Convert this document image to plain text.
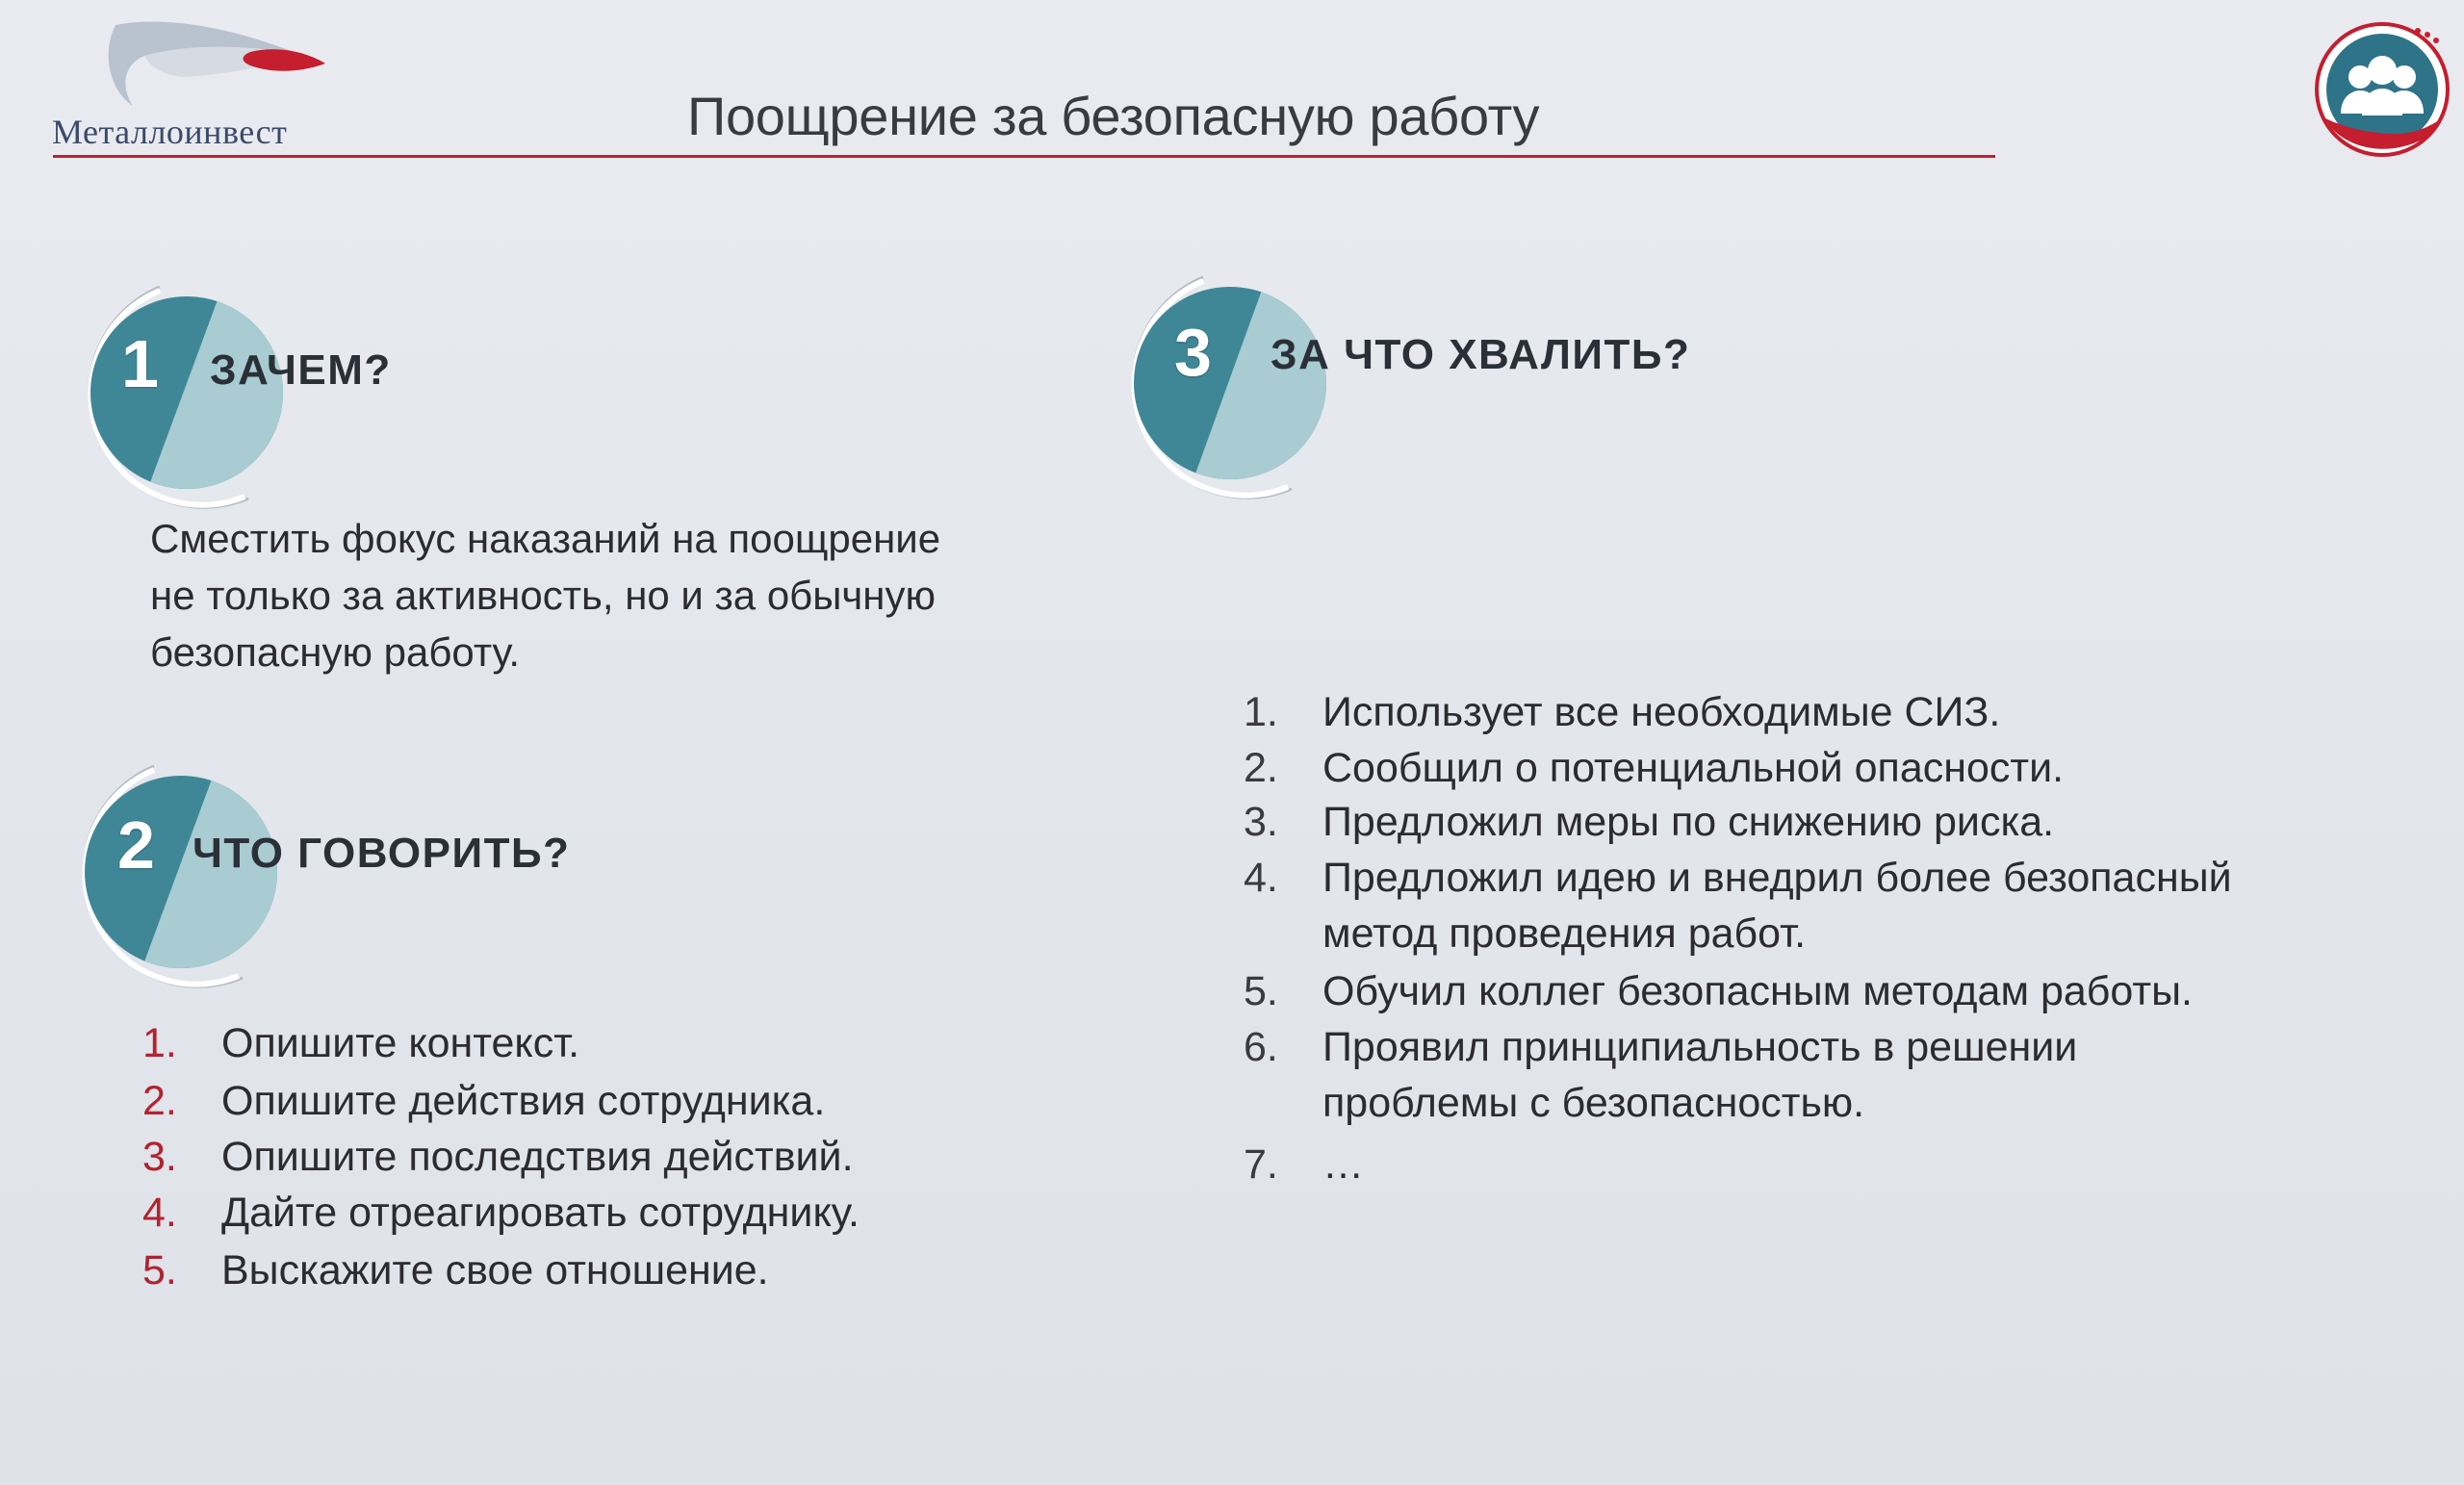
Металлоинвест	Поощрение за безопасную работу
1 ЗАЧЕМ?
Сместить фокус наказаний на поощрение
не только за активность, но и за обычную
безопасную работу.
2 ЧТО ГОВОРИТЬ?
1. Опишите контекст.
2. Опишите действия сотрудника.
3. Опишите последствия действий.
4. Дайте отреагировать сотруднику.
5. Выскажите свое отношение.
3 ЗА ЧТО ХВАЛИТЬ?
1. Использует все необходимые СИЗ.
2. Сообщил о потенциальной опасности.
3. Предложил меры по снижению риска.
4. Предложил идею и внедрил более безопасный
метод проведения работ.
5. Обучил коллег безопасным методам работы.
6. Проявил принципиальность в решении
проблемы с безопасностью.
7. …
